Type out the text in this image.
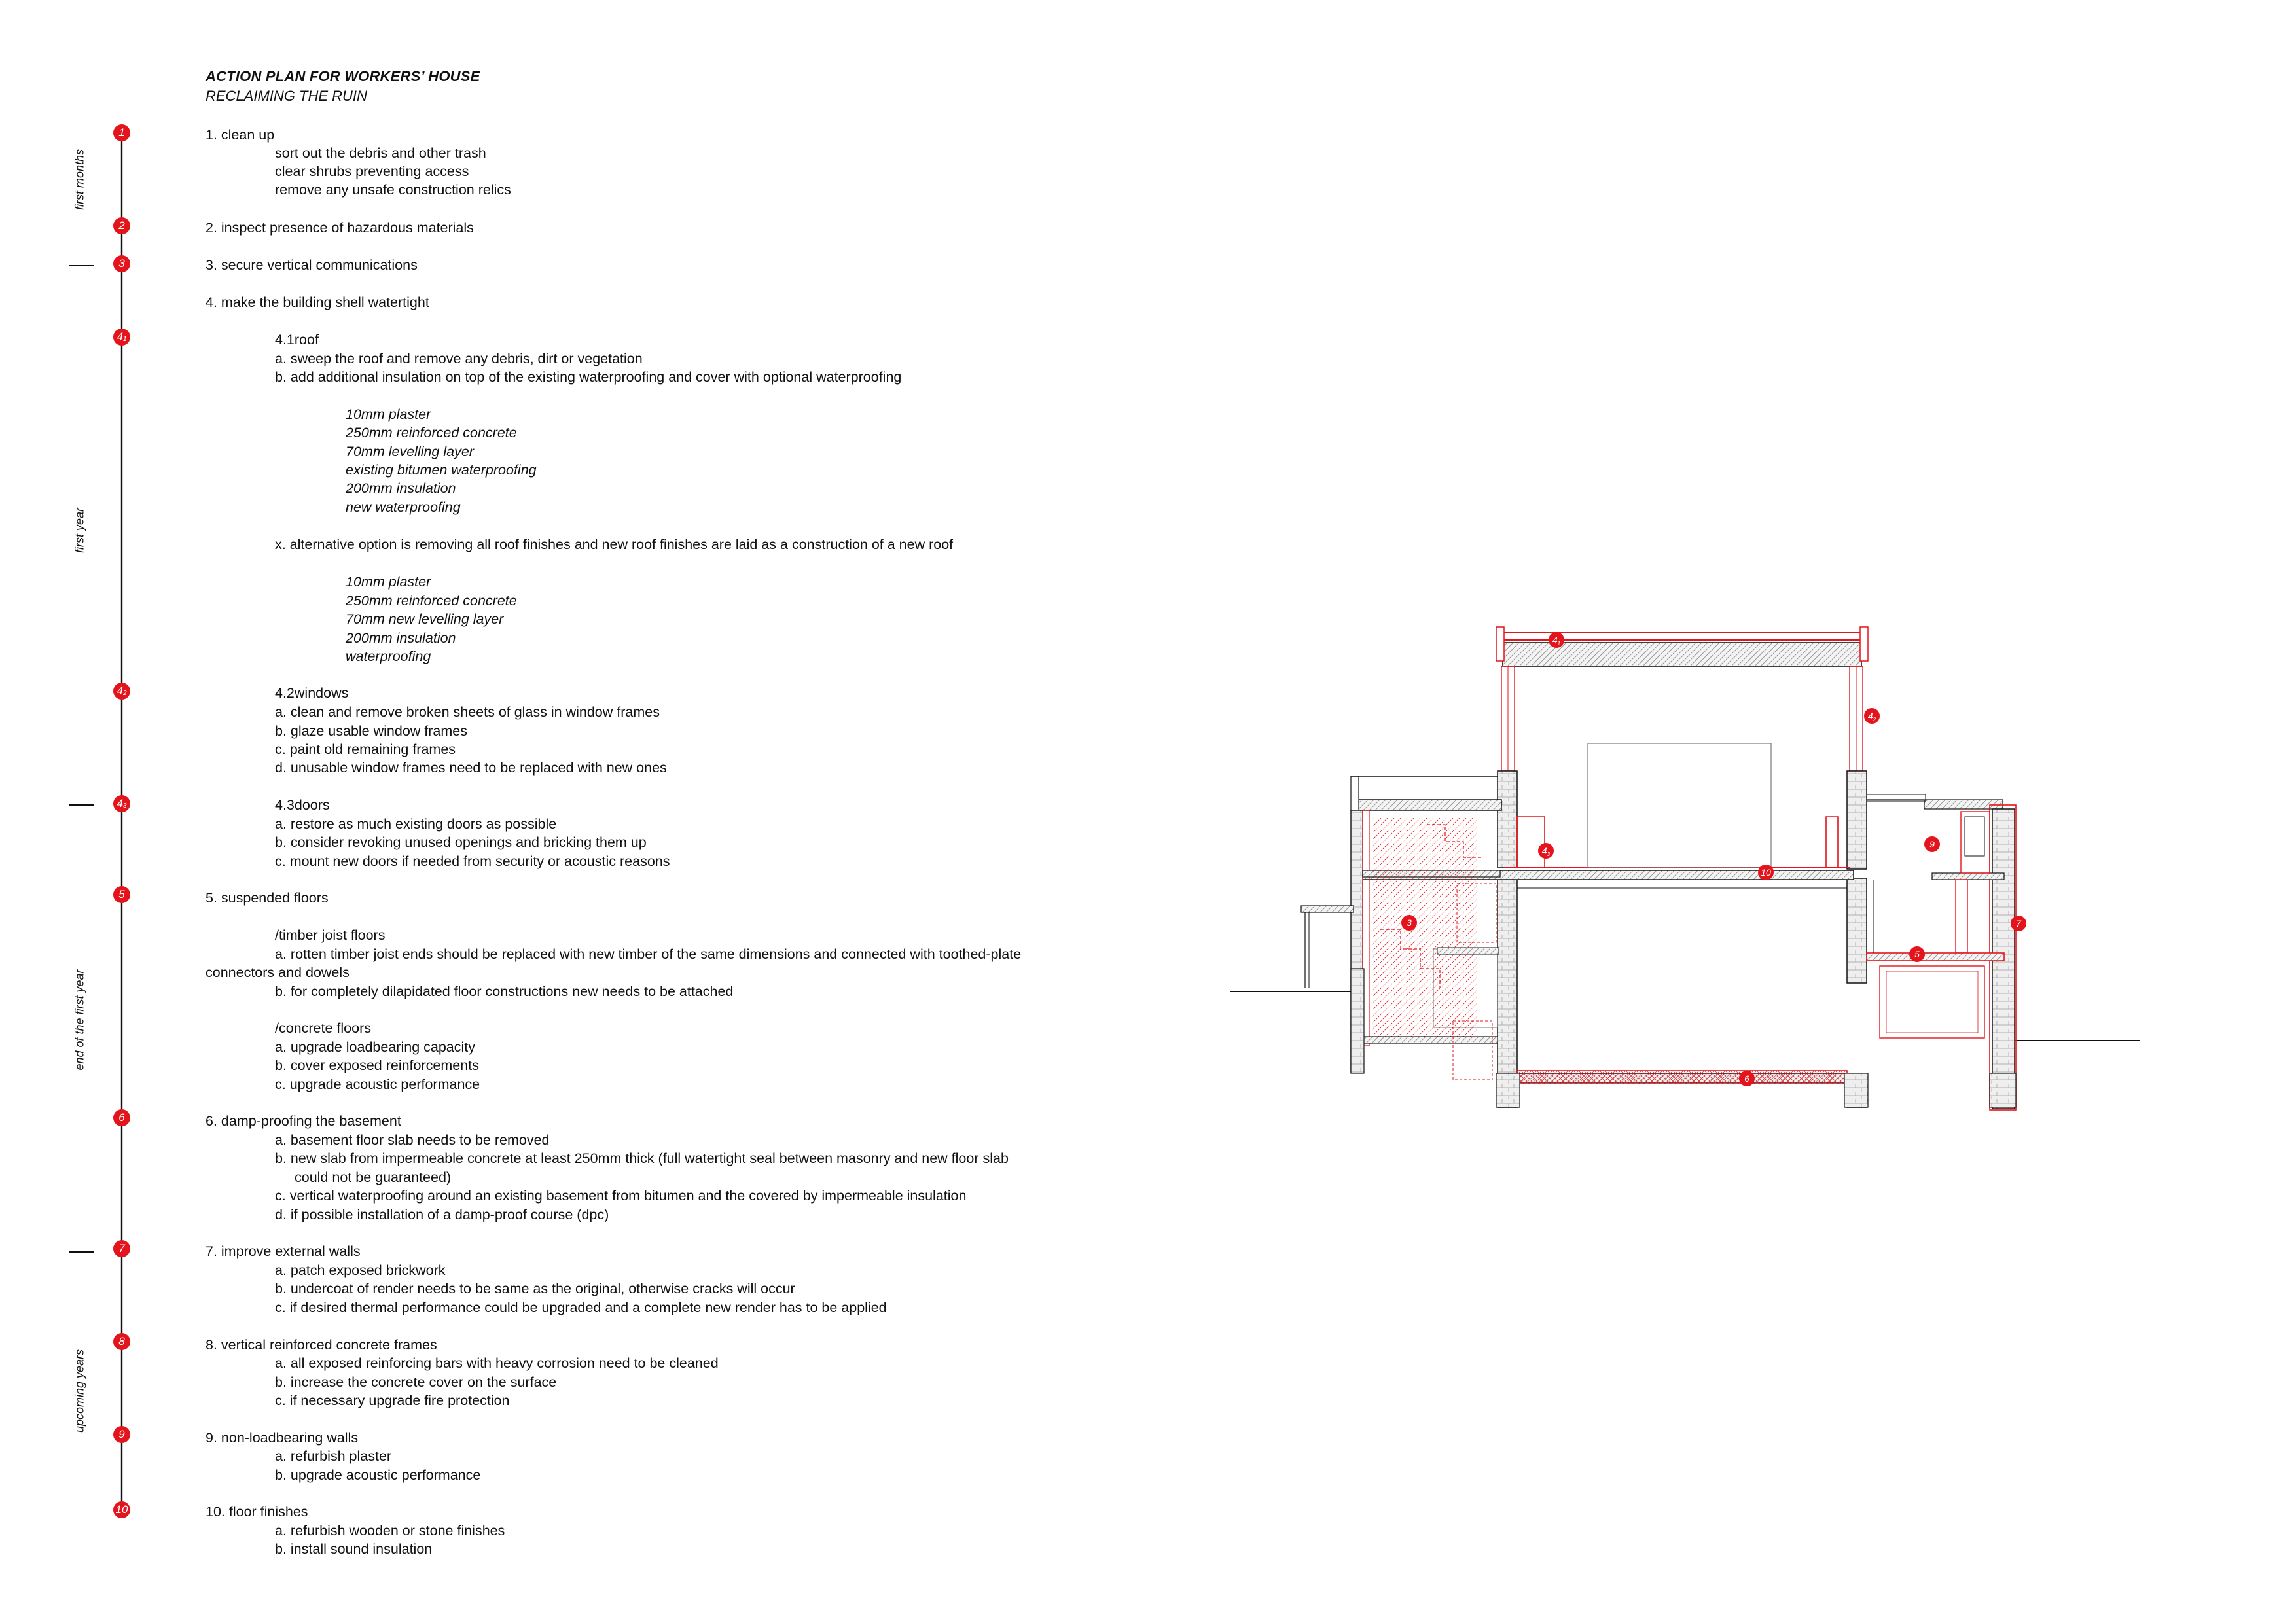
ACTION PLAN FOR WORKERS’ HOUSE
RECLAIMING THE RUIN
first months
first year
end of the first year
upcoming years
1
2
3
4 1
4 2
4 3
5
6
7
8
9
10
1. clean up
sort out the debris and other trash
clear shrubs preventing access
remove any unsafe construction relics
2. inspect presence of hazardous materials
3. secure vertical communications
4. make the building shell watertight
4.1roof
a. sweep the roof and remove any debris, dirt or vegetation
b. add additional insulation on top of the existing waterproofing and cover with optional waterproofing
10mm plaster
250mm reinforced concrete
70mm levelling layer
existing bitumen waterproofing
200mm insulation
new waterproofing
x. alternative option is removing all roof finishes and new roof finishes are laid as a construction of a new roof
10mm plaster
250mm reinforced concrete
70mm new levelling layer
200mm insulation
waterproofing
4.2windows
a. clean and remove broken sheets of glass in window frames
b. glaze usable window frames
c. paint old remaining frames
d. unusable window frames need to be replaced with new ones
4.3doors
a. restore as much existing doors as possible
b. consider revoking unused openings and bricking them up
c. mount new doors if needed from security or acoustic reasons
5. suspended floors
/timber joist floors
a. rotten timber joist ends should be replaced with new timber of the same dimensions and connected with toothed-plate
connectors and dowels
b. for completely dilapidated floor constructions new needs to be attached
/concrete floors
a. upgrade loadbearing capacity
b. cover exposed reinforcements
c. upgrade acoustic performance
6. damp-proofing the basement
a. basement floor slab needs to be removed
b. new slab from impermeable concrete at least 250mm thick (full watertight seal between masonry and new floor slab
could not be guaranteed)
c. vertical waterproofing around an existing basement from bitumen and the covered by impermeable insulation
d. if possible installation of a damp-proof course (dpc)
7. improve external walls
a. patch exposed brickwork
b. undercoat of render needs to be same as the original, otherwise cracks will occur
c. if desired thermal performance could be upgraded and a complete new render has to be applied
8. vertical reinforced concrete frames
a. all exposed reinforcing bars with heavy corrosion need to be cleaned
b. increase the concrete cover on the surface
c. if necessary upgrade fire protection
9. non-loadbearing walls
a. refurbish plaster
b. upgrade acoustic performance
10. floor finishes
a. refurbish wooden or stone finishes
b. install sound insulation
$4_1$
$4_2$
$4_3$
9
10
3	7
5
6
